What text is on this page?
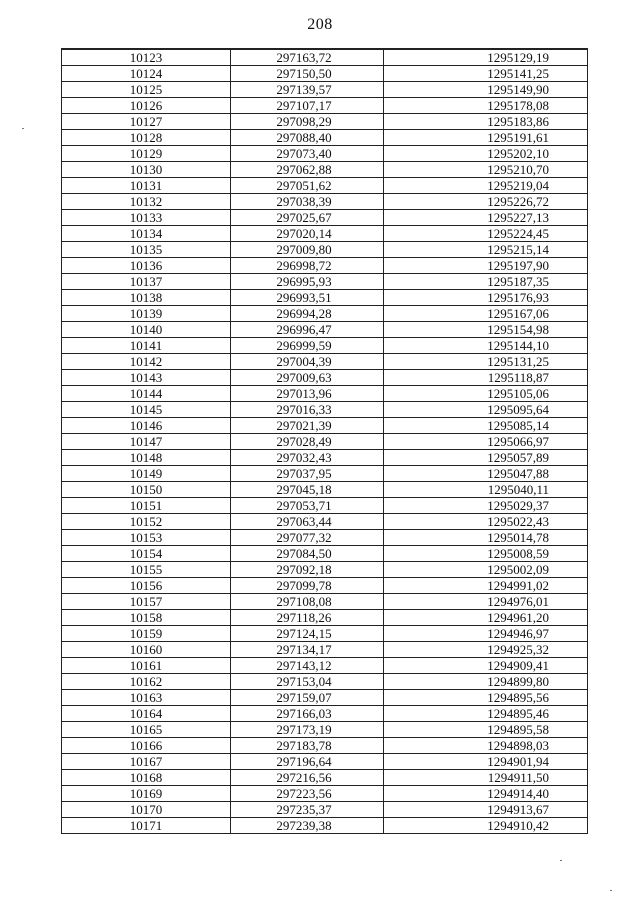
208
10123	297163,72	1295129,19
10124	297150,50	1295141,25
10125	297139,57	1295149,90
10126	297107,17	1295178,08
10127	297098,29	1295183,86
10128	297088,40	1295191,61
10129	297073,40	1295202,10
10130	297062,88	1295210,70
10131	297051,62	1295219,04
10132	297038,39	1295226,72
10133	297025,67	1295227,13
10134	297020,14	1295224,45
10135	297009,80	1295215,14
10136	296998,72	1295197,90
10137	296995,93	1295187,35
10138	296993,51	1295176,93
10139	296994,28	1295167,06
10140	296996,47	1295154,98
10141	296999,59	1295144,10
10142	297004,39	1295131,25
10143	297009,63	1295118,87
10144	297013,96	1295105,06
10145	297016,33	1295095,64
10146	297021,39	1295085,14
10147	297028,49	1295066,97
10148	297032,43	1295057,89
10149	297037,95	1295047,88
10150	297045,18	1295040,11
10151	297053,71	1295029,37
10152	297063,44	1295022,43
10153	297077,32	1295014,78
10154	297084,50	1295008,59
10155	297092,18	1295002,09
10156	297099,78	1294991,02
10157	297108,08	1294976,01
10158	297118,26	1294961,20
10159	297124,15	1294946,97
10160	297134,17	1294925,32
10161	297143,12	1294909,41
10162	297153,04	1294899,80
10163	297159,07	1294895,56
10164	297166,03	1294895,46
10165	297173,19	1294895,58
10166	297183,78	1294898,03
10167	297196,64	1294901,94
10168	297216,56	1294911,50
10169	297223,56	1294914,40
10170	297235,37	1294913,67
10171	297239,38	1294910,42
